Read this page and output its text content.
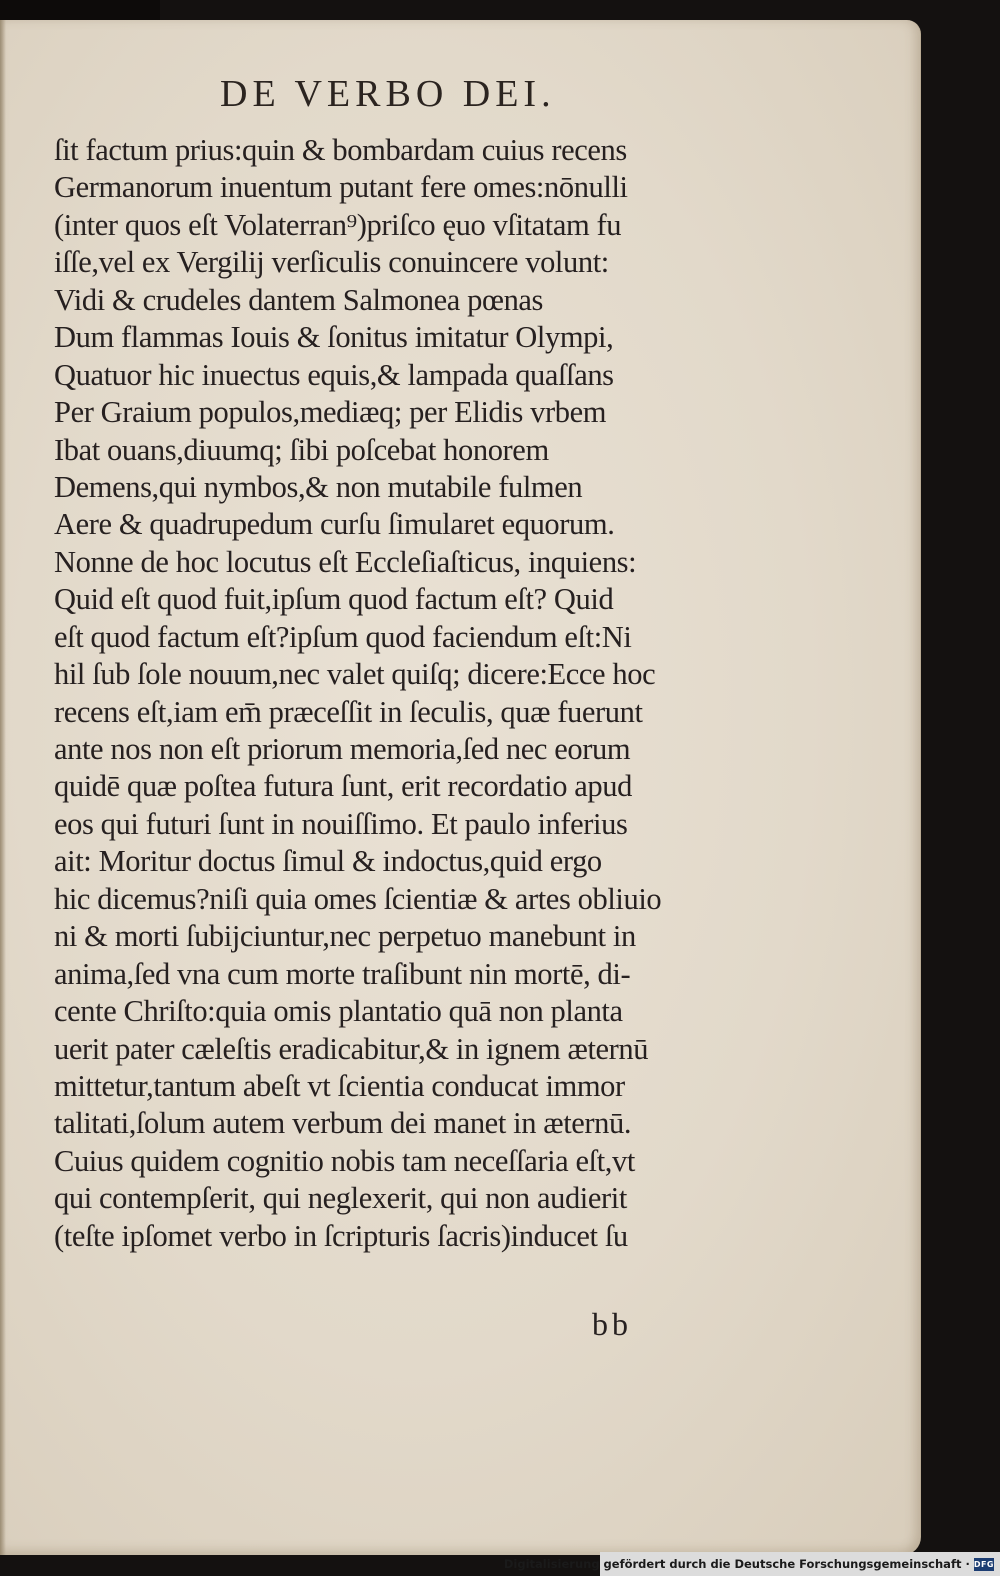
DE VERBO DEI.
ſit factum prius:quin & bombardam cuius recens
Germanorum inuentum putant fere omes:nōnulli
(inter quos eſt Volaterran⁹)priſco ęuo vſitatam fu
iſſe,vel ex Vergilij verſiculis conuincere volunt:
Vidi & crudeles dantem Salmonea pœnas
Dum flammas Iouis & ſonitus imitatur Olympi,
Quatuor hic inuectus equis,& lampada quaſſans
Per Graium populos,mediæq; per Elidis vrbem
Ibat ouans,diuumq; ſibi poſcebat honorem
Demens,qui nymbos,& non mutabile fulmen
Aere & quadrupedum curſu ſimularet equorum.
Nonne de hoc locutus eſt Eccleſiaſticus, inquiens:
Quid eſt quod fuit,ipſum quod factum eſt? Quid
eſt quod factum eſt?ipſum quod faciendum eſt:Ni
hil ſub ſole nouum,nec valet quiſq; dicere:Ecce hoc
recens eſt,iam em̄ præceſſit in ſeculis, quæ fuerunt
ante nos non eſt priorum memoria,ſed nec eorum
quidē quæ poſtea futura ſunt, erit recordatio apud
eos qui futuri ſunt in nouiſſimo. Et paulo inferius
ait: Moritur doctus ſimul & indoctus,quid ergo
hic dicemus?niſi quia omes ſcientiæ & artes obliuio
ni & morti ſubijciuntur,nec perpetuo manebunt in
anima,ſed vna cum morte traſibunt nin mortē, di-
cente Chriſto:quia omis plantatio quā non planta
uerit pater cæleſtis eradicabitur,& in ignem æternū
mittetur,tantum abeſt vt ſcientia conducat immor
talitati,ſolum autem verbum dei manet in æternū.
Cuius quidem cognitio nobis tam neceſſaria eſt,vt
qui contempſerit, qui neglexerit, qui non audierit
(teſte ipſomet verbo in ſcripturis ſacris)inducet ſu
bb
Digitalisierung gefördert durch die Deutsche Forschungsgemeinschaft · DFG
